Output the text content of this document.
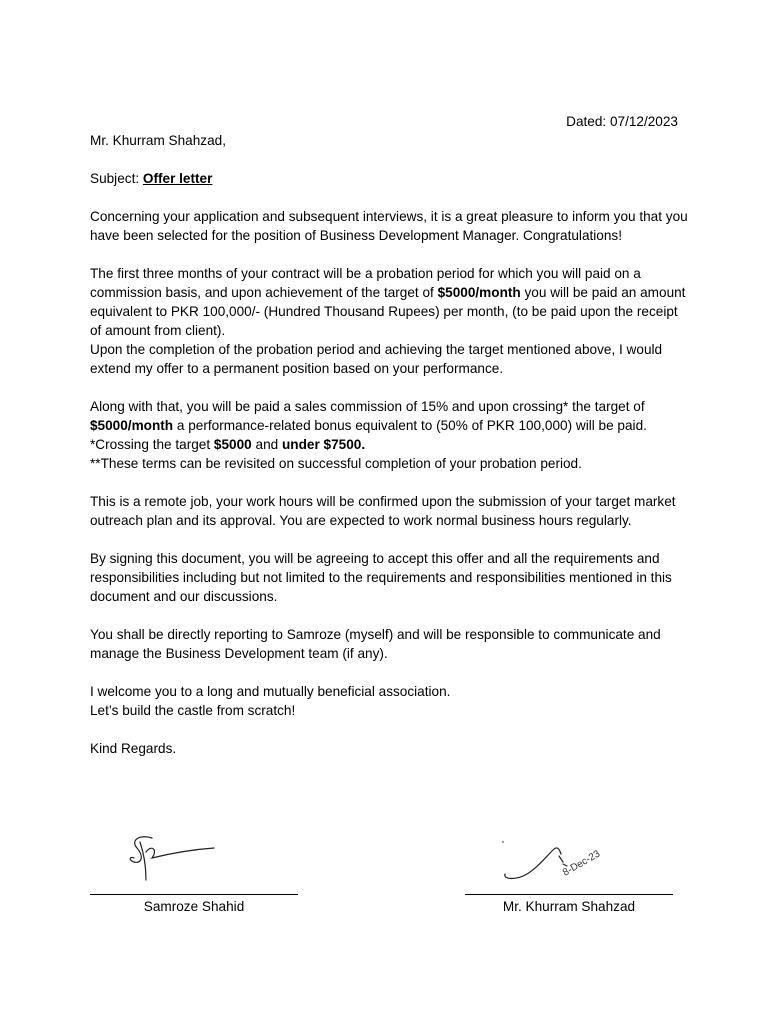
Dated: 07/12/2023

Mr. Khurram Shahzad,

Subject: Offer letter

Concerning your application and subsequent interviews, it is a great pleasure to inform you that you have been selected for the position of Business Development Manager. Congratulations!

The first three months of your contract will be a probation period for which you will paid on a commission basis, and upon achievement of the target of $5000/month you will be paid an amount equivalent to PKR 100,000/- (Hundred Thousand Rupees) per month, (to be paid upon the receipt of amount from client).

Upon the completion of the probation period and achieving the target mentioned above, I would extend my offer to a permanent position based on your performance.

Along with that, you will be paid a sales commission of 15% and upon crossing* the target of $5000/month a performance-related bonus equivalent to (50% of PKR 100,000) will be paid.

*Crossing the target $5000 and under $7500.

**These terms can be revisited on successful completion of your probation period.

This is a remote job, your work hours will be confirmed upon the submission of your target market outreach plan and its approval. You are expected to work normal business hours regularly.

By signing this document, you will be agreeing to accept this offer and all the requirements and responsibilities including but not limited to the requirements and responsibilities mentioned in this document and our discussions.

You shall be directly reporting to Samroze (myself) and will be responsible to communicate and manage the Business Development team (if any).

I welcome you to a long and mutually beneficial association.

Let’s build the castle from scratch!

Kind Regards.

Samroze Shahid
8-Dec-23
Mr. Khurram Shahzad
